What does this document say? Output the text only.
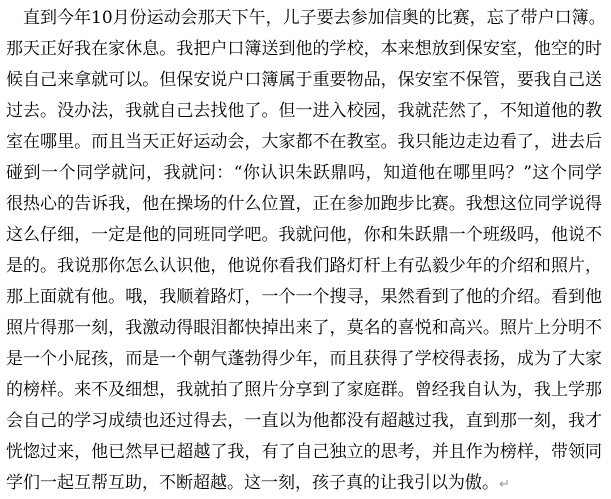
　直到今年10月份运动会那天下午，儿子要去参加信奥的比赛，忘了带户口簿。
那天正好我在家休息。我把户口簿送到他的学校，本来想放到保安室，他空的时
候自己来拿就可以。但保安说户口簿属于重要物品，保安室不保管，要我自己送
过去。没办法，我就自己去找他了。但一进入校园，我就茫然了，不知道他的教
室在哪里。而且当天正好运动会，大家都不在教室。我只能边走边看了，进去后
碰到一个同学就问，我就问：“你认识朱跃鼎吗，知道他在哪里吗？”这个同学
很热心的告诉我，他在操场的什么位置，正在参加跑步比赛。我想这位同学说得
这么仔细，一定是他的同班同学吧。我就问他，你和朱跃鼎一个班级吗，他说不
是的。我说那你怎么认识他，他说你看我们路灯杆上有弘毅少年的介绍和照片，
那上面就有他。哦，我顺着路灯，一个一个搜寻，果然看到了他的介绍。看到他
照片得那一刻，我激动得眼泪都快掉出来了，莫名的喜悦和高兴。照片上分明不
是一个小屁孩，而是一个朝气蓬勃得少年，而且获得了学校得表扬，成为了大家
的榜样。来不及细想，我就拍了照片分享到了家庭群。曾经我自认为，我上学那
会自己的学习成绩也还过得去，一直以为他都没有超越过我，直到那一刻，我才
恍惚过来，他已然早已超越了我，有了自己独立的思考，并且作为榜样，带领同
学们一起互帮互助，不断超越。这一刻，孩子真的让我引以为傲。↵
